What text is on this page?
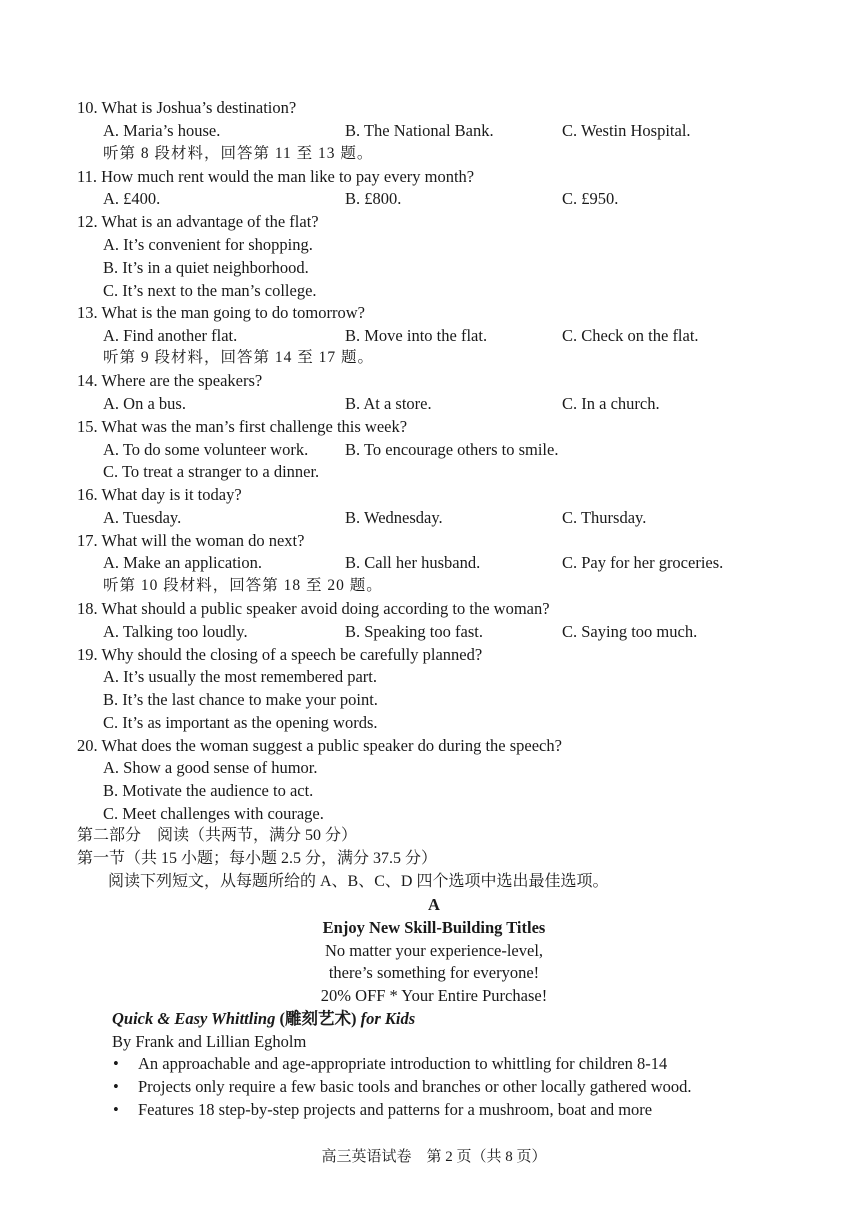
10. What is Joshua’s destination?
A. Maria’s house.	B. The National Bank.	C. Westin Hospital.
听第 8 段材料，回答第 11 至 13 题。
11. How much rent would the man like to pay every month?
A. £400.	B. £800.	C. £950.
12. What is an advantage of the flat?
A. It’s convenient for shopping.
B. It’s in a quiet neighborhood.
C. It’s next to the man’s college.
13. What is the man going to do tomorrow?
A. Find another flat.	B. Move into the flat.	C. Check on the flat.
听第 9 段材料，回答第 14 至 17 题。
14. Where are the speakers?
A. On a bus.	B. At a store.	C. In a church.
15. What was the man’s first challenge this week?
A. To do some volunteer work. B. To encourage others to smile.
C. To treat a stranger to a dinner.
16. What day is it today?
A. Tuesday.	B. Wednesday.	C. Thursday.
17. What will the woman do next?
A. Make an application.	B. Call her husband.	C. Pay for her groceries.
听第 10 段材料，回答第 18 至 20 题。
18. What should a public speaker avoid doing according to the woman?
A. Talking too loudly.	B. Speaking too fast.	C. Saying too much.
19. Why should the closing of a speech be carefully planned?
A. It’s usually the most remembered part.
B. It’s the last chance to make your point.
C. It’s as important as the opening words.
20. What does the woman suggest a public speaker do during the speech?
A. Show a good sense of humor.
B. Motivate the audience to act.
C. Meet challenges with courage.
第二部分　阅读（共两节，满分 50 分）
第一节（共 15 小题；每小题 2.5 分，满分 37.5 分）
阅读下列短文，从每题所给的 A、B、C、D 四个选项中选出最佳选项。
A
Enjoy New Skill-Building Titles
No matter your experience-level,
there’s something for everyone!
20% OFF * Your Entire Purchase!
Quick & Easy Whittling (雕刻艺术) for Kids
By Frank and Lillian Egholm
• An approachable and age-appropriate introduction to whittling for children 8-14
• Projects only require a few basic tools and branches or other locally gathered wood.
• Features 18 step-by-step projects and patterns for a mushroom, boat and more
高三英语试卷　第 2 页（共 8 页）
